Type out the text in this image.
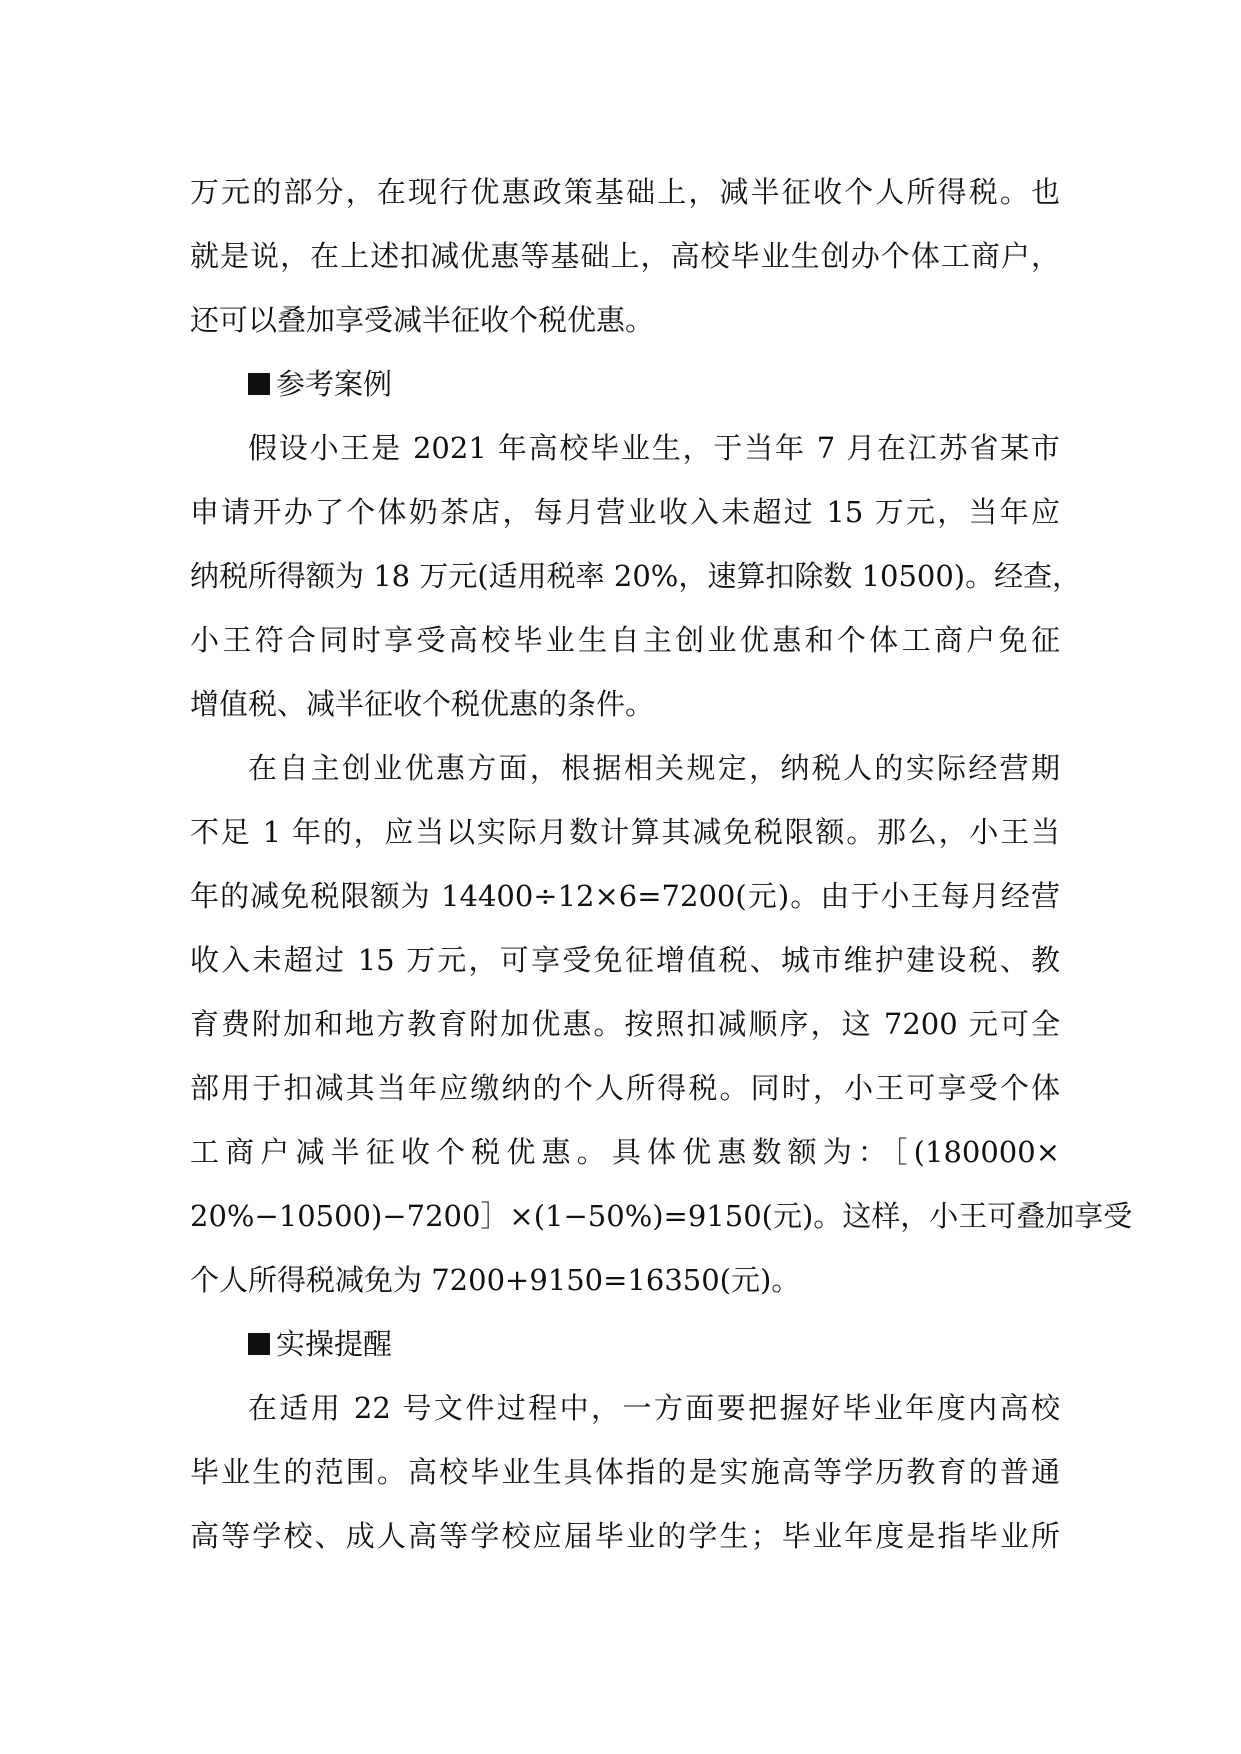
万元的部分，在现行优惠政策基础上，减半征收个人所得税。也
就是说，在上述扣减优惠等基础上，高校毕业生创办个体工商户，
还可以叠加享受减半征收个税优惠。
参考案例
假设小王是 2021 年高校毕业生，于当年 7 月在江苏省某市
申请开办了个体奶茶店，每月营业收入未超过 15 万元，当年应
纳税所得额为 18 万元(适用税率 20%，速算扣除数 10500)。经查，
小王符合同时享受高校毕业生自主创业优惠和个体工商户免征
增值税、减半征收个税优惠的条件。
在自主创业优惠方面，根据相关规定，纳税人的实际经营期
不足 1 年的，应当以实际月数计算其减免税限额。那么，小王当
年的减免税限额为 14400÷12×6=7200(元)。由于小王每月经营
收入未超过 15 万元，可享受免征增值税、城市维护建设税、教
育费附加和地方教育附加优惠。按照扣减顺序，这 7200 元可全
部用于扣减其当年应缴纳的个人所得税。同时，小王可享受个体
工商户减半征收个税优惠。具体优惠数额为：［(180000×
20%−10500)−7200］×(1−50%)=9150(元)。这样，小王可叠加享受
个人所得税减免为 7200+9150=16350(元)。
实操提醒
在适用 22 号文件过程中，一方面要把握好毕业年度内高校
毕业生的范围。高校毕业生具体指的是实施高等学历教育的普通
高等学校、成人高等学校应届毕业的学生；毕业年度是指毕业所
